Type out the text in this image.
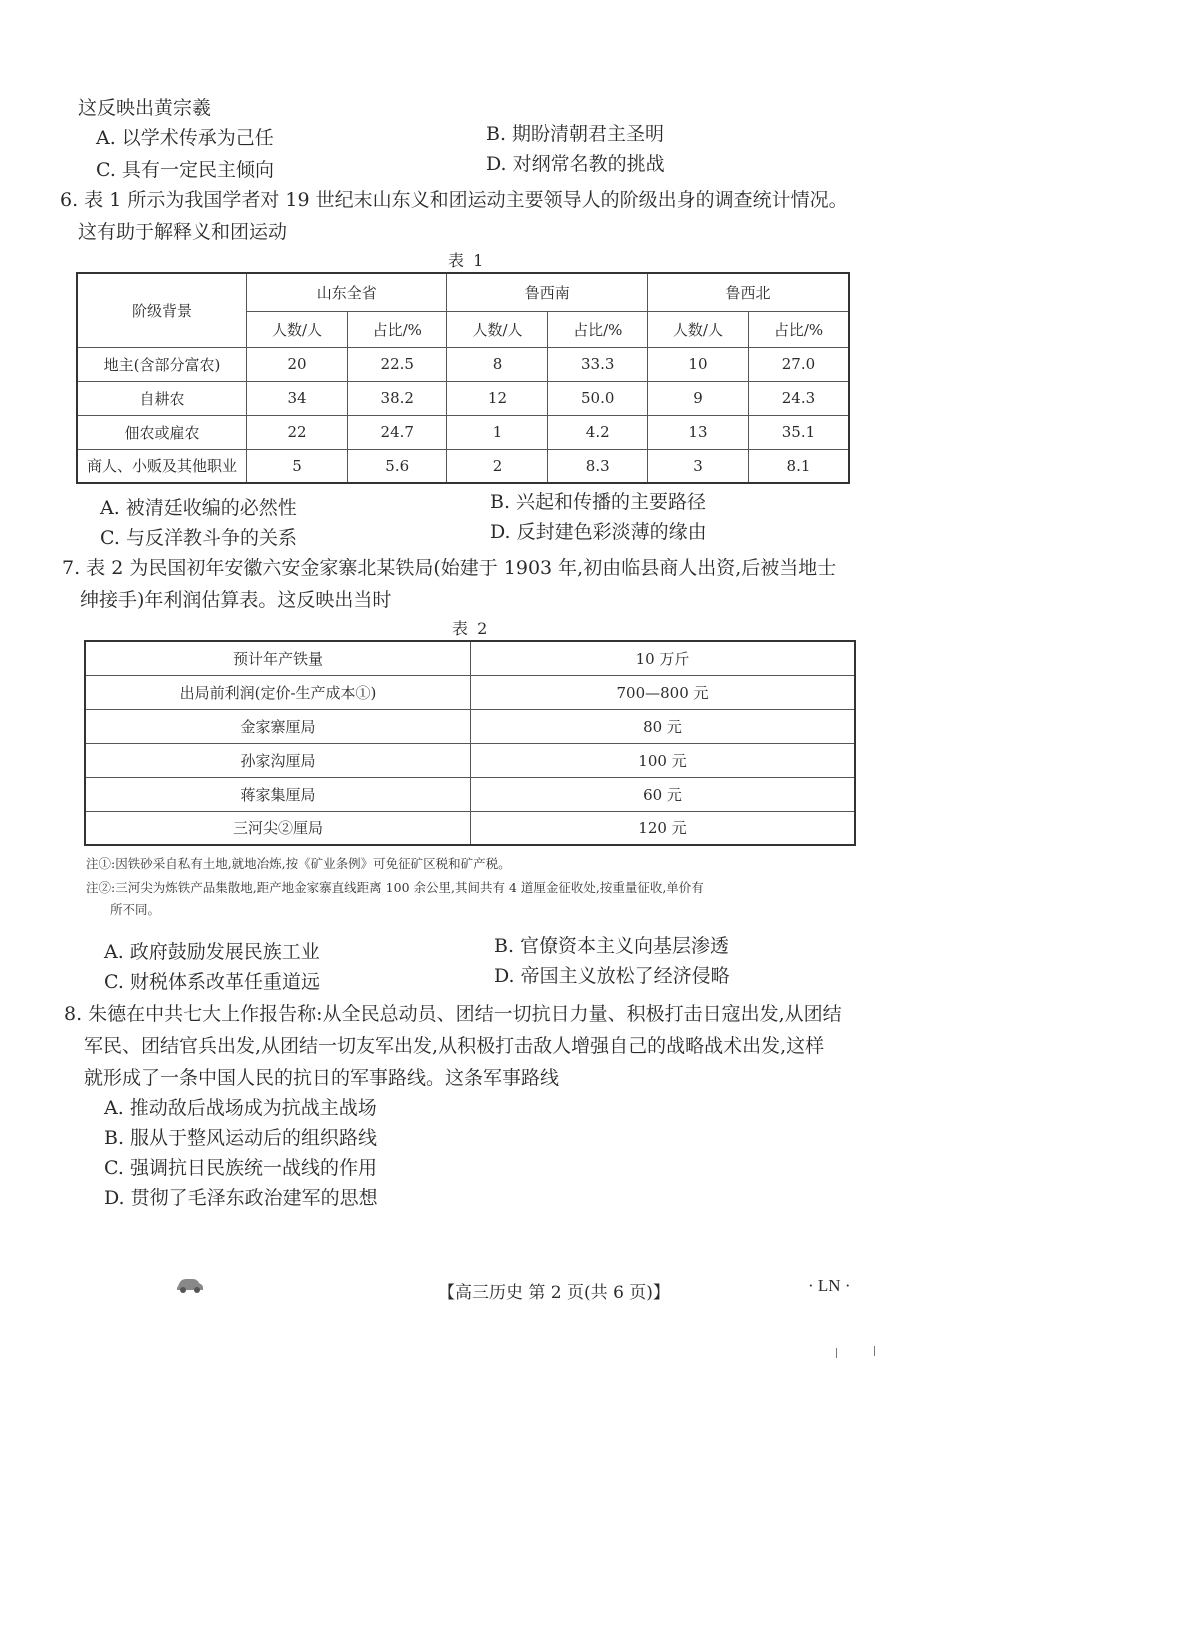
这反映出黄宗羲
A. 以学术传承为己任	B. 期盼清朝君主圣明
C. 具有一定民主倾向	D. 对纲常名教的挑战
6. 表 1 所示为我国学者对 19 世纪末山东义和团运动主要领导人的阶级出身的调查统计情况。
这有助于解释义和团运动
表 1
阶级背景	山东全省		鲁西南		鲁西北	
	人数/人	占比/%	人数/人	占比/%	人数/人	占比/%
地主(含部分富农)	20	22.5	8	33.3	10	27.0
自耕农	34	38.2	12	50.0	9	24.3
佃农或雇农	22	24.7	1	4.2	13	35.1
商人、小贩及其他职业	5	5.6	2	8.3	3	8.1
A. 被清廷收编的必然性	B. 兴起和传播的主要路径
C. 与反洋教斗争的关系	D. 反封建色彩淡薄的缘由
7. 表 2 为民国初年安徽六安金家寨北某铁局(始建于 1903 年,初由临县商人出资,后被当地士
绅接手)年利润估算表。这反映出当时
表 2
预计年产铁量	10 万斤
出局前利润(定价-生产成本①)	700—800 元
金家寨厘局	80 元
孙家沟厘局	100 元
蒋家集厘局	60 元
三河尖②厘局	120 元
注①:因铁砂采自私有土地,就地冶炼,按《矿业条例》可免征矿区税和矿产税。
注②:三河尖为炼铁产品集散地,距产地金家寨直线距离 100 余公里,其间共有 4 道厘金征收处,按重量征收,单价有
所不同。
A. 政府鼓励发展民族工业	B. 官僚资本主义向基层渗透
C. 财税体系改革任重道远	D. 帝国主义放松了经济侵略
8. 朱德在中共七大上作报告称:从全民总动员、团结一切抗日力量、积极打击日寇出发,从团结
军民、团结官兵出发,从团结一切友军出发,从积极打击敌人增强自己的战略战术出发,这样
就形成了一条中国人民的抗日的军事路线。这条军事路线
A. 推动敌后战场成为抗战主战场
B. 服从于整风运动后的组织路线
C. 强调抗日民族统一战线的作用
D. 贯彻了毛泽东政治建军的思想
【高三历史 第 2 页(共 6 页)】	· LN ·
